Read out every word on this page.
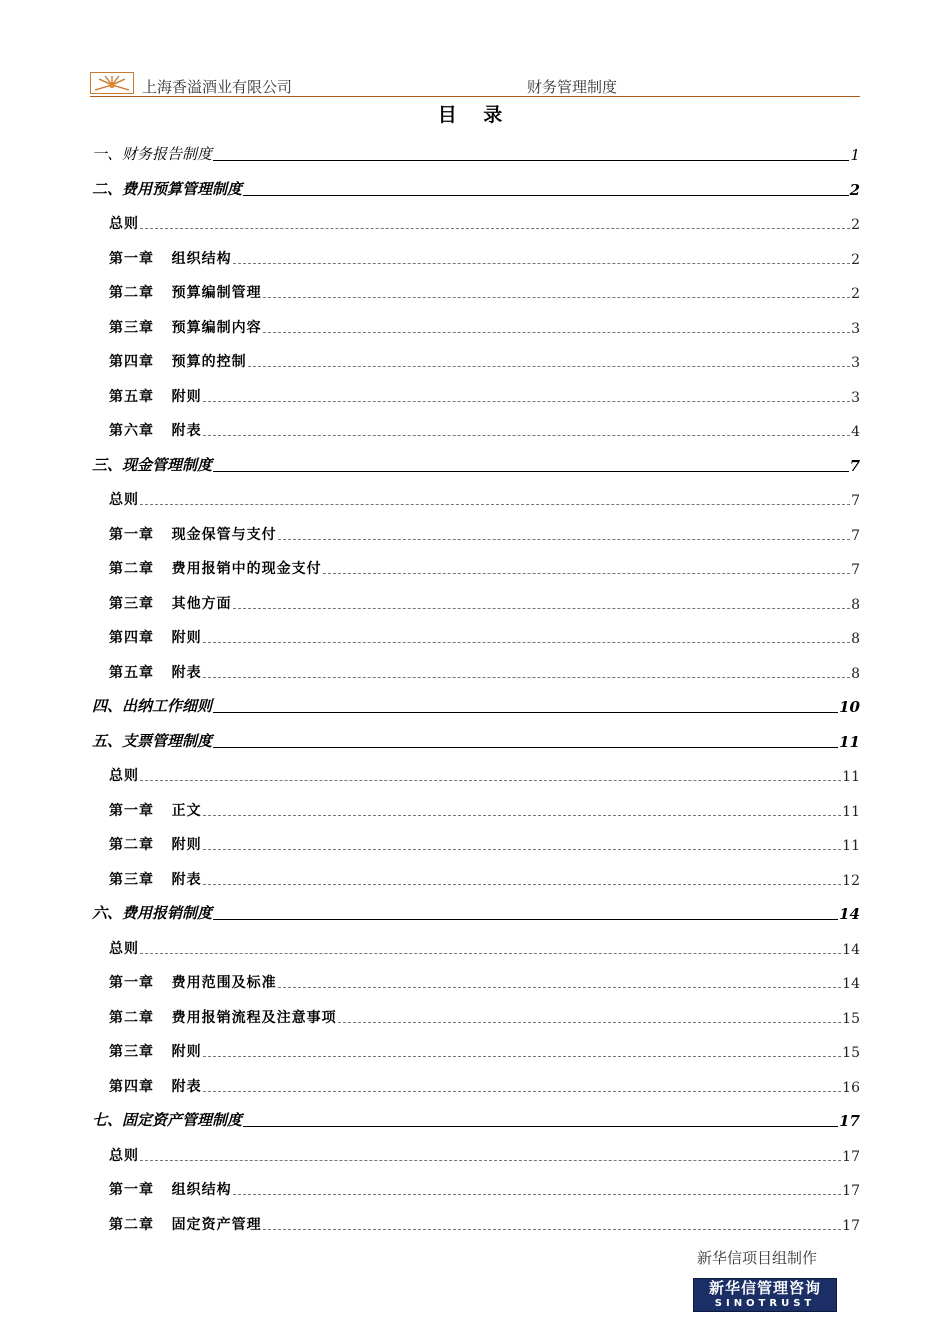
上海香溢酒业有限公司	财务管理制度
目 录
一、财务报告制度	1
二、费用预算管理制度	2
总则	2
第一章   组织结构	2
第二章   预算编制管理	2
第三章   预算编制内容	3
第四章   预算的控制	3
第五章   附则	3
第六章   附表	4
三、现金管理制度	7
总则	7
第一章   现金保管与支付	7
第二章   费用报销中的现金支付	7
第三章   其他方面	8
第四章   附则	8
第五章   附表	8
四、出纳工作细则	10
五、支票管理制度	11
总则	11
第一章   正文	11
第二章   附则	11
第三章   附表	12
六、费用报销制度	14
总则	14
第一章   费用范围及标准	14
第二章   费用报销流程及注意事项	15
第三章   附则	15
第四章   附表	16
七、固定资产管理制度	17
总则	17
第一章   组织结构	17
第二章   固定资产管理	17
新华信项目组制作
新华信管理咨询
SINOTRUST
